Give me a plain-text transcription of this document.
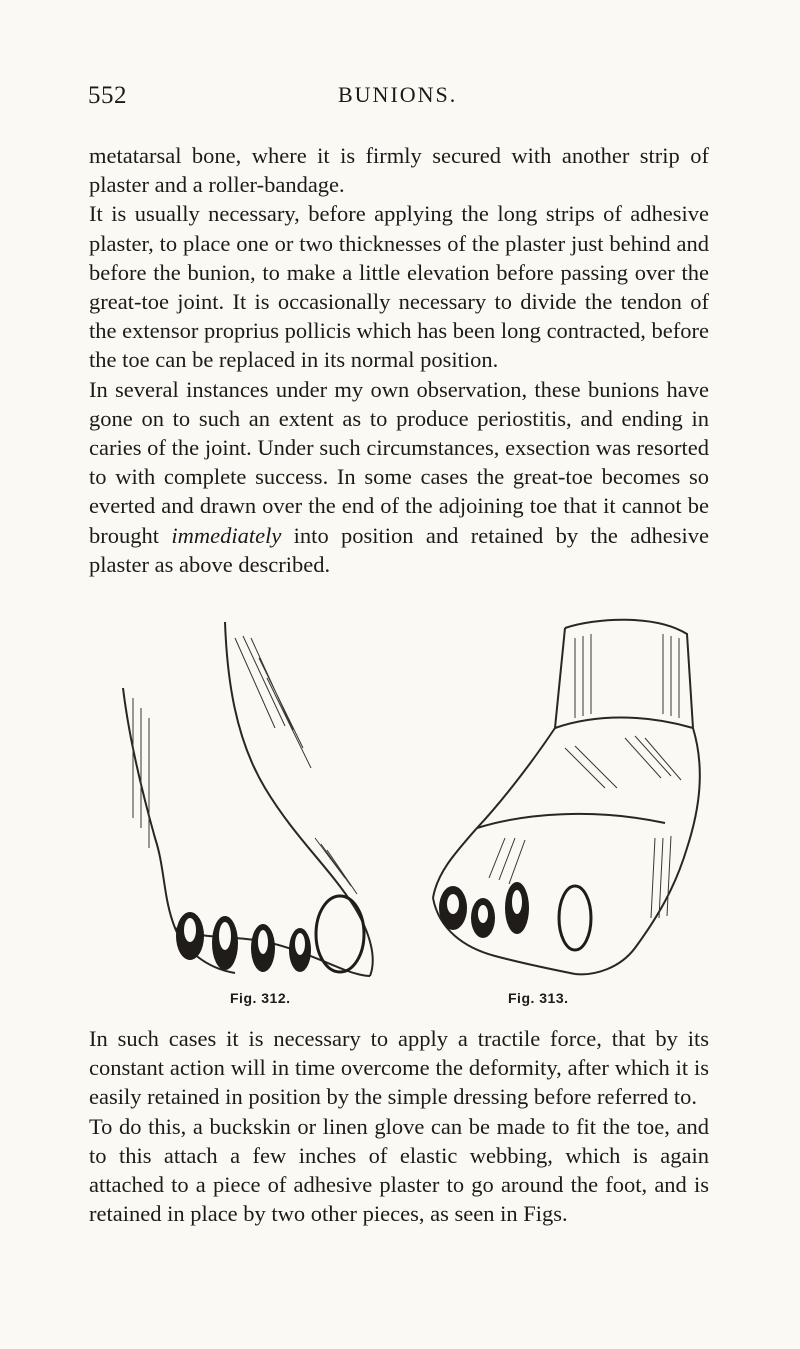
552	BUNIONS.

metatarsal bone, where it is firmly secured with another strip of plaster and a roller-bandage.

It is usually necessary, before applying the long strips of adhesive plaster, to place one or two thicknesses of the plaster just behind and before the bunion, to make a little elevation before passing over the great-toe joint. It is occasionally necessary to divide the tendon of the extensor proprius pollicis which has been long contracted, before the toe can be replaced in its normal position.

In several instances under my own observation, these bunions have gone on to such an extent as to produce periostitis, and ending in caries of the joint. Under such circumstances, exsection was resorted to with complete success. In some cases the great-toe becomes so everted and drawn over the end of the adjoining toe that it cannot be brought immediately into position and retained by the adhesive plaster as above described.

Fig. 312.	Fig. 313.

In such cases it is necessary to apply a tractile force, that by its constant action will in time overcome the deformity, after which it is easily retained in position by the simple dressing before referred to.

To do this, a buckskin or linen glove can be made to fit the toe, and to this attach a few inches of elastic webbing, which is again attached to a piece of adhesive plaster to go around the foot, and is retained in place by two other pieces, as seen in Figs.
